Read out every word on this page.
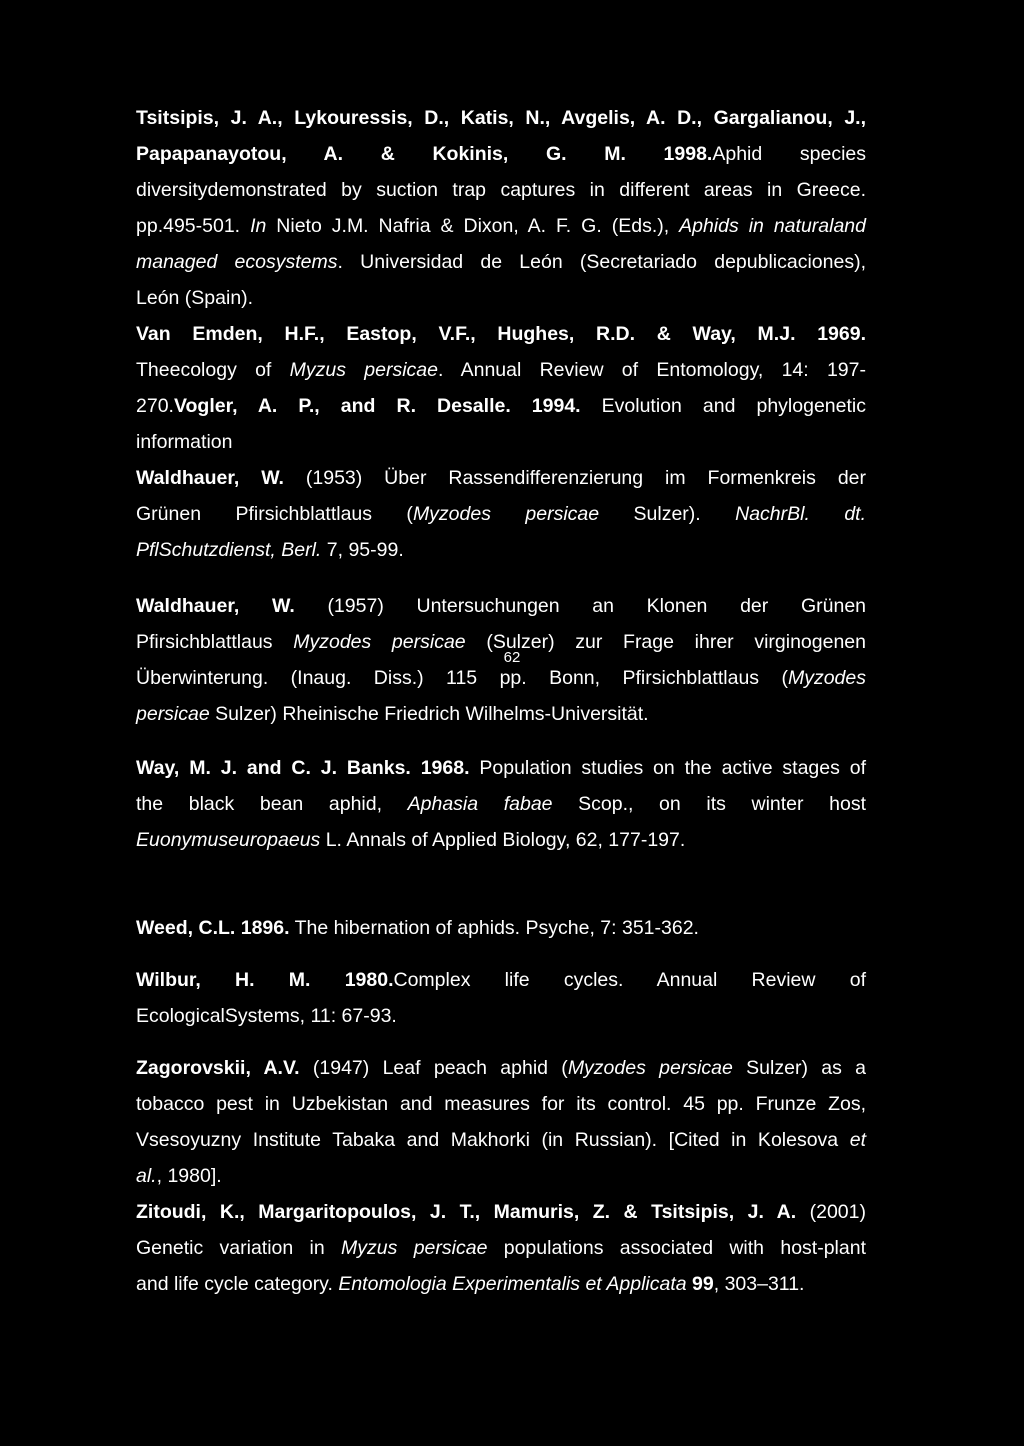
Tsitsipis, J. A., Lykouressis, D., Katis, N., Avgelis, A. D., Gargalianou, J.,
Papapanayotou, A. & Kokinis, G. M. 1998.Aphid species
diversitydemonstrated by suction trap captures in different areas in Greece.
pp.495-501. In Nieto J.M. Nafria & Dixon, A. F. G. (Eds.), Aphids in naturaland
managed ecosystems. Universidad de León (Secretariado depublicaciones),
León (Spain).
Van Emden, H.F., Eastop, V.F., Hughes, R.D. & Way, M.J. 1969.
Theecology of Myzus persicae. Annual Review of Entomology, 14: 197-
270.Vogler, A. P., and R. Desalle. 1994. Evolution and phylogenetic
information
Waldhauer, W. (1953) Über Rassendifferenzierung im Formenkreis der
Grünen Pfirsichblattlaus (Myzodes persicae Sulzer). NachrBl. dt.
PflSchutzdienst, Berl. 7, 95-99.
Waldhauer, W. (1957) Untersuchungen an Klonen der Grünen
Pfirsichblattlaus Myzodes persicae (Sulzer) zur Frage ihrer virginogenen
Überwinterung. (Inaug. Diss.) 115 pp. Bonn, Pfirsichblattlaus (Myzodes
persicae Sulzer) Rheinische Friedrich Wilhelms-Universität.
Way, M. J. and C. J. Banks. 1968. Population studies on the active stages of
the black bean aphid, Aphasia fabae Scop., on its winter host
Euonymuseuropaeus L. Annals of Applied Biology, 62, 177-197.
Weed, C.L. 1896. The hibernation of aphids. Psyche, 7: 351-362.
Wilbur, H. M. 1980.Complex life cycles. Annual Review of
EcologicalSystems, 11: 67-93.
Zagorovskii, A.V. (1947) Leaf peach aphid (Myzodes persicae Sulzer) as a
tobacco pest in Uzbekistan and measures for its control. 45 pp. Frunze Zos,
Vsesoyuzny Institute Tabaka and Makhorki (in Russian). [Cited in Kolesova et
al., 1980].
Zitoudi, K., Margaritopoulos, J. T., Mamuris, Z. & Tsitsipis, J. A. (2001)
Genetic variation in Myzus persicae populations associated with host-plant
and life cycle category. Entomologia Experimentalis et Applicata 99, 303–311.
62
